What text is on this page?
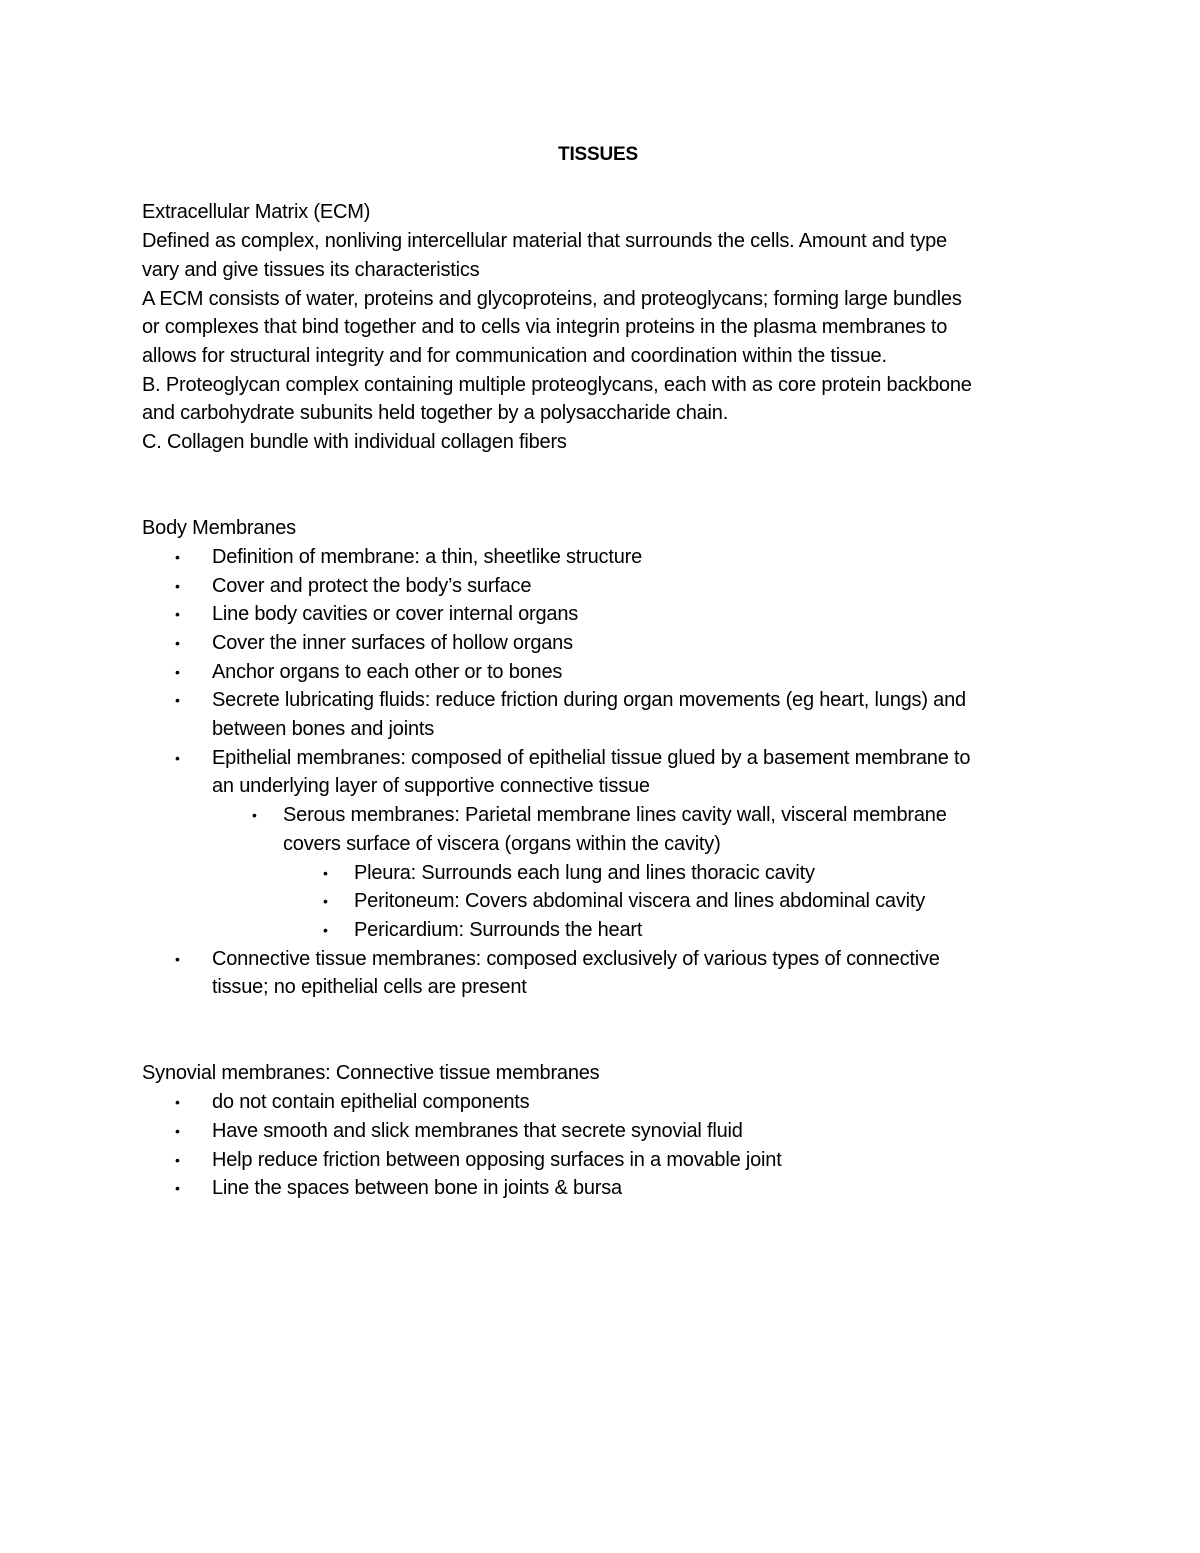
TISSUES
Extracellular Matrix (ECM)
Defined as complex, nonliving intercellular material that surrounds the cells. Amount and type
vary and give tissues its characteristics
A ECM consists of water, proteins and glycoproteins, and proteoglycans; forming large bundles
or complexes that bind together and to cells via integrin proteins in the plasma membranes to
allows for structural integrity and for communication and coordination within the tissue.
B. Proteoglycan complex containing multiple proteoglycans, each with as core protein backbone
and carbohydrate subunits held together by a polysaccharide chain.
C. Collagen bundle with individual collagen fibers
Body Membranes
• Definition of membrane: a thin, sheetlike structure
• Cover and protect the body’s surface
• Line body cavities or cover internal organs
• Cover the inner surfaces of hollow organs
• Anchor organs to each other or to bones
• Secrete lubricating fluids: reduce friction during organ movements (eg heart, lungs) and
between bones and joints
• Epithelial membranes: composed of epithelial tissue glued by a basement membrane to
an underlying layer of supportive connective tissue
• Serous membranes: Parietal membrane lines cavity wall, visceral membrane
covers surface of viscera (organs within the cavity)
• Pleura: Surrounds each lung and lines thoracic cavity
• Peritoneum: Covers abdominal viscera and lines abdominal cavity
• Pericardium: Surrounds the heart
• Connective tissue membranes: composed exclusively of various types of connective
tissue; no epithelial cells are present
Synovial membranes: Connective tissue membranes
• do not contain epithelial components
• Have smooth and slick membranes that secrete synovial fluid
• Help reduce friction between opposing surfaces in a movable joint
• Line the spaces between bone in joints & bursa
